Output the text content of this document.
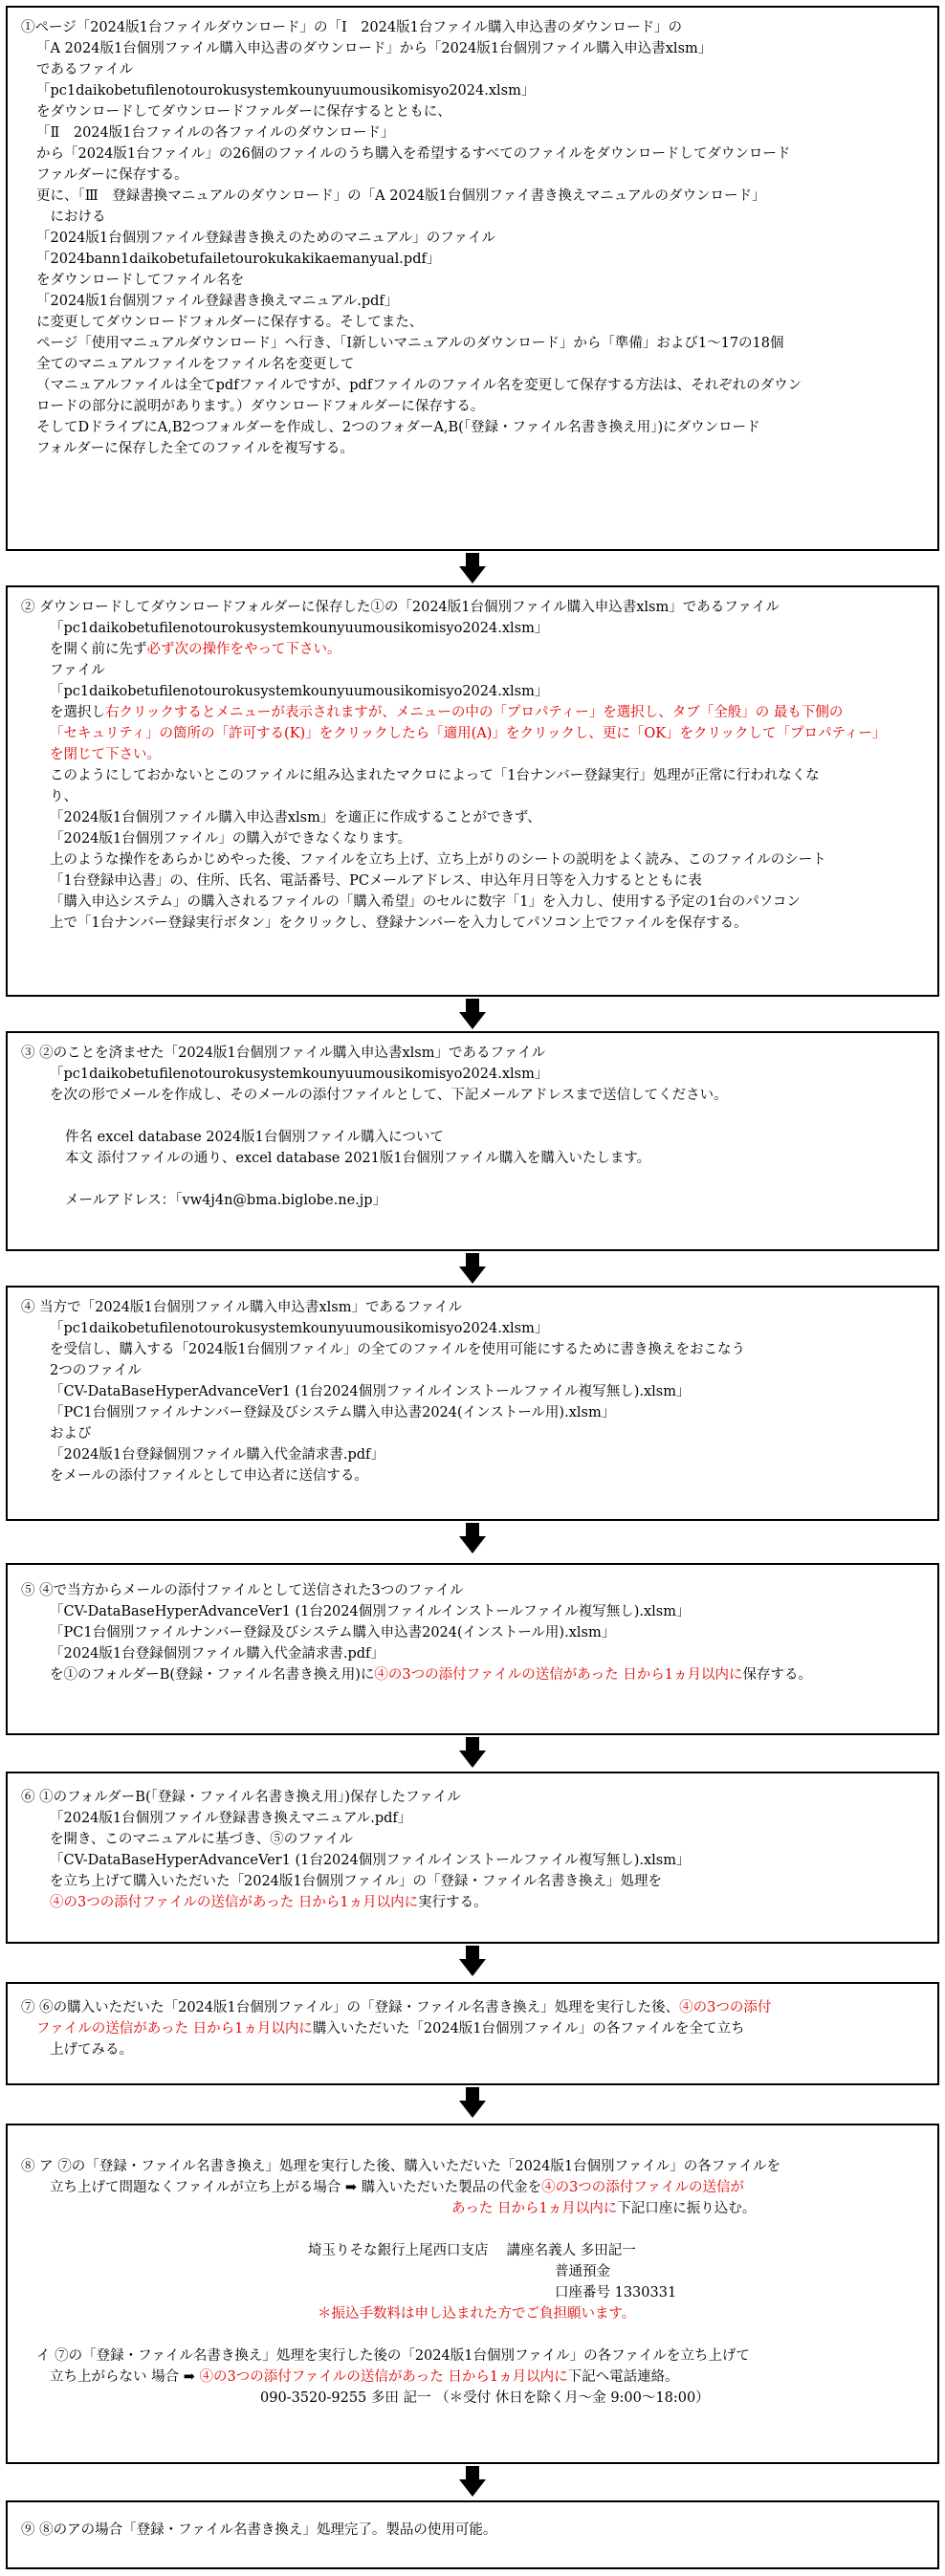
①ページ「2024版1台ファイルダウンロード」の「Ⅰ　2024版1台ファイル購入申込書のダウンロード」の

「A 2024版1台個別ファイル購入申込書のダウンロード」から「2024版1台個別ファイル購入申込書xlsm」

であるファイル

「pc1daikobetufilenotourokusystemkounyuumousikomisyo2024.xlsm」

をダウンロードしてダウンロードファルダーに保存するとともに、

「Ⅱ　2024版1台ファイルの各ファイルのダウンロード」

から「2024版1台ファイル」の26個のファイルのうち購入を希望するすべてのファイルをダウンロードしてダウンロード

ファルダーに保存する。

更に、「Ⅲ　登録書換マニュアルのダウンロード」の「A 2024版1台個別ファイ書き換えマニュアルのダウンロード」

　における

「2024版1台個別ファイル登録書き換えのためのマニュアル」のファイル

「2024bann1daikobetufailetourokukakikaemanyual.pdf」

をダウンロードしてファイル名を

「2024版1台個別ファイル登録書き換えマニュアル.pdf」

に変更してダウンロードフォルダーに保存する。そしてまた、

ページ「使用マニュアルダウンロード」へ行き、「Ⅰ新しいマニュアルのダウンロード」から「準備」および1～17の18個

全てのマニュアルファイルをファイル名を変更して

（マニュアルファイルは全てpdfファイルですが、pdfファイルのファイル名を変更して保存する方法は、それぞれのダウン

ロードの部分に説明があります。）ダウンロードフォルダーに保存する。

そしてDドライブにA,B2つフォルダーを作成し、2つのフォダーA,B(「登録・ファイル名書き換え用」)にダウンロード

フォルダーに保存した全てのファイルを複写する。

② ダウンロードしてダウンロードフォルダーに保存した①の「2024版1台個別ファイル購入申込書xlsm」であるファイル

「pc1daikobetufilenotourokusystemkounyuumousikomisyo2024.xlsm」

を開く前に先ず必ず次の操作をやって下さい。

ファイル

「pc1daikobetufilenotourokusystemkounyuumousikomisyo2024.xlsm」

を選択し右クリックするとメニューが表示されますが、メニューの中の「プロパティー」を選択し、タブ「全般」の 最も下側の

「セキュリティ」の箇所の「許可する(K)」をクリックしたら「適用(A)」をクリックし、更に「OK」をクリックして「プロパティー」

を閉じて下さい。

このようにしておかないとこのファイルに組み込まれたマクロによって「1台ナンバー登録実行」処理が正常に行われなくな

り、

「2024版1台個別ファイル購入申込書xlsm」を適正に作成することができず、

「2024版1台個別ファイル」の購入ができなくなります。

上のような操作をあらかじめやった後、ファイルを立ち上げ、立ち上がりのシートの説明をよく読み、このファイルのシート

「1台登録申込書」の、住所、氏名、電話番号、PCメールアドレス、申込年月日等を入力するとともに表

「購入申込システム」の購入されるファイルの「購入希望」のセルに数字「1」を入力し、使用する予定の1台のパソコン

上で「1台ナンバー登録実行ボタン」をクリックし、登録ナンバーを入力してパソコン上でファイルを保存する。

③ ②のことを済ませた「2024版1台個別ファイル購入申込書xlsm」であるファイル

「pc1daikobetufilenotourokusystemkounyuumousikomisyo2024.xlsm」

を次の形でメールを作成し、そのメールの添付ファイルとして、下記メールアドレスまで送信してください。

件名 excel database 2024版1台個別ファイル購入について

本文 添付ファイルの通り、excel database 2021版1台個別ファイル購入を購入いたします。

メールアドレス：「vw4j4n@bma.biglobe.ne.jp」

④ 当方で「2024版1台個別ファイル購入申込書xlsm」であるファイル

「pc1daikobetufilenotourokusystemkounyuumousikomisyo2024.xlsm」

を受信し、購入する「2024版1台個別ファイル」の全てのファイルを使用可能にするために書き換えをおこなう

2つのファイル

「CV-DataBaseHyperAdvanceVer1 (1台2024個別ファイルインストールファイル複写無し).xlsm」

「PC1台個別ファイルナンバー登録及びシステム購入申込書2024(インストール用).xlsm」

および

「2024版1台登録個別ファイル購入代金請求書.pdf」

をメールの添付ファイルとして申込者に送信する。

⑤ ④で当方からメールの添付ファイルとして送信された3つのファイル

「CV-DataBaseHyperAdvanceVer1 (1台2024個別ファイルインストールファイル複写無し).xlsm」

「PC1台個別ファイルナンバー登録及びシステム購入申込書2024(インストール用).xlsm」

「2024版1台登録個別ファイル購入代金請求書.pdf」

を①のフォルダーB(登録・ファイル名書き換え用)に④の3つの添付ファイルの送信があった 日から1ヵ月以内に保存する。

⑥ ①のフォルダーB(「登録・ファイル名書き換え用」)保存したファイル

「2024版1台個別ファイル登録書き換えマニュアル.pdf」

を開き、このマニュアルに基づき、⑤のファイル

「CV-DataBaseHyperAdvanceVer1 (1台2024個別ファイルインストールファイル複写無し).xlsm」

を立ち上げて購入いただいた「2024版1台個別ファイル」の「登録・ファイル名書き換え」処理を

④の3つの添付ファイルの送信があった 日から1ヵ月以内に実行する。

⑦ ⑥の購入いただいた「2024版1台個別ファイル」の「登録・ファイル名書き換え」処理を実行した後、④の3つの添付

ファイルの送信があった 日から1ヵ月以内に購入いただいた「2024版1台個別ファイル」の各ファイルを全て立ち

上げてみる。

⑧ ア ⑦の「登録・ファイル名書き換え」処理を実行した後、購入いただいた「2024版1台個別ファイル」の各ファイルを

立ち上げて問題なくファイルが立ち上がる場合 ➡ 購入いただいた製品の代金を④の3つの添付ファイルの送信が

あった 日から1ヵ月以内に下記口座に振り込む。

埼玉りそな銀行上尾西口支店　 講座名義人 多田記一

普通預金

口座番号 1330331

＊振込手数料は申し込まれた方でご負担願います。

イ ⑦の「登録・ファイル名書き換え」処理を実行した後の「2024版1台個別ファイル」の各ファイルを立ち上げて

立ち上がらない 場合 ➡ ④の3つの添付ファイルの送信があった 日から1ヵ月以内に下記へ電話連絡。

090-3520-9255 多田 記一 （＊受付 休日を除く月～金 9:00～18:00）

⑨ ⑧のアの場合「登録・ファイル名書き換え」処理完了。製品の使用可能。
